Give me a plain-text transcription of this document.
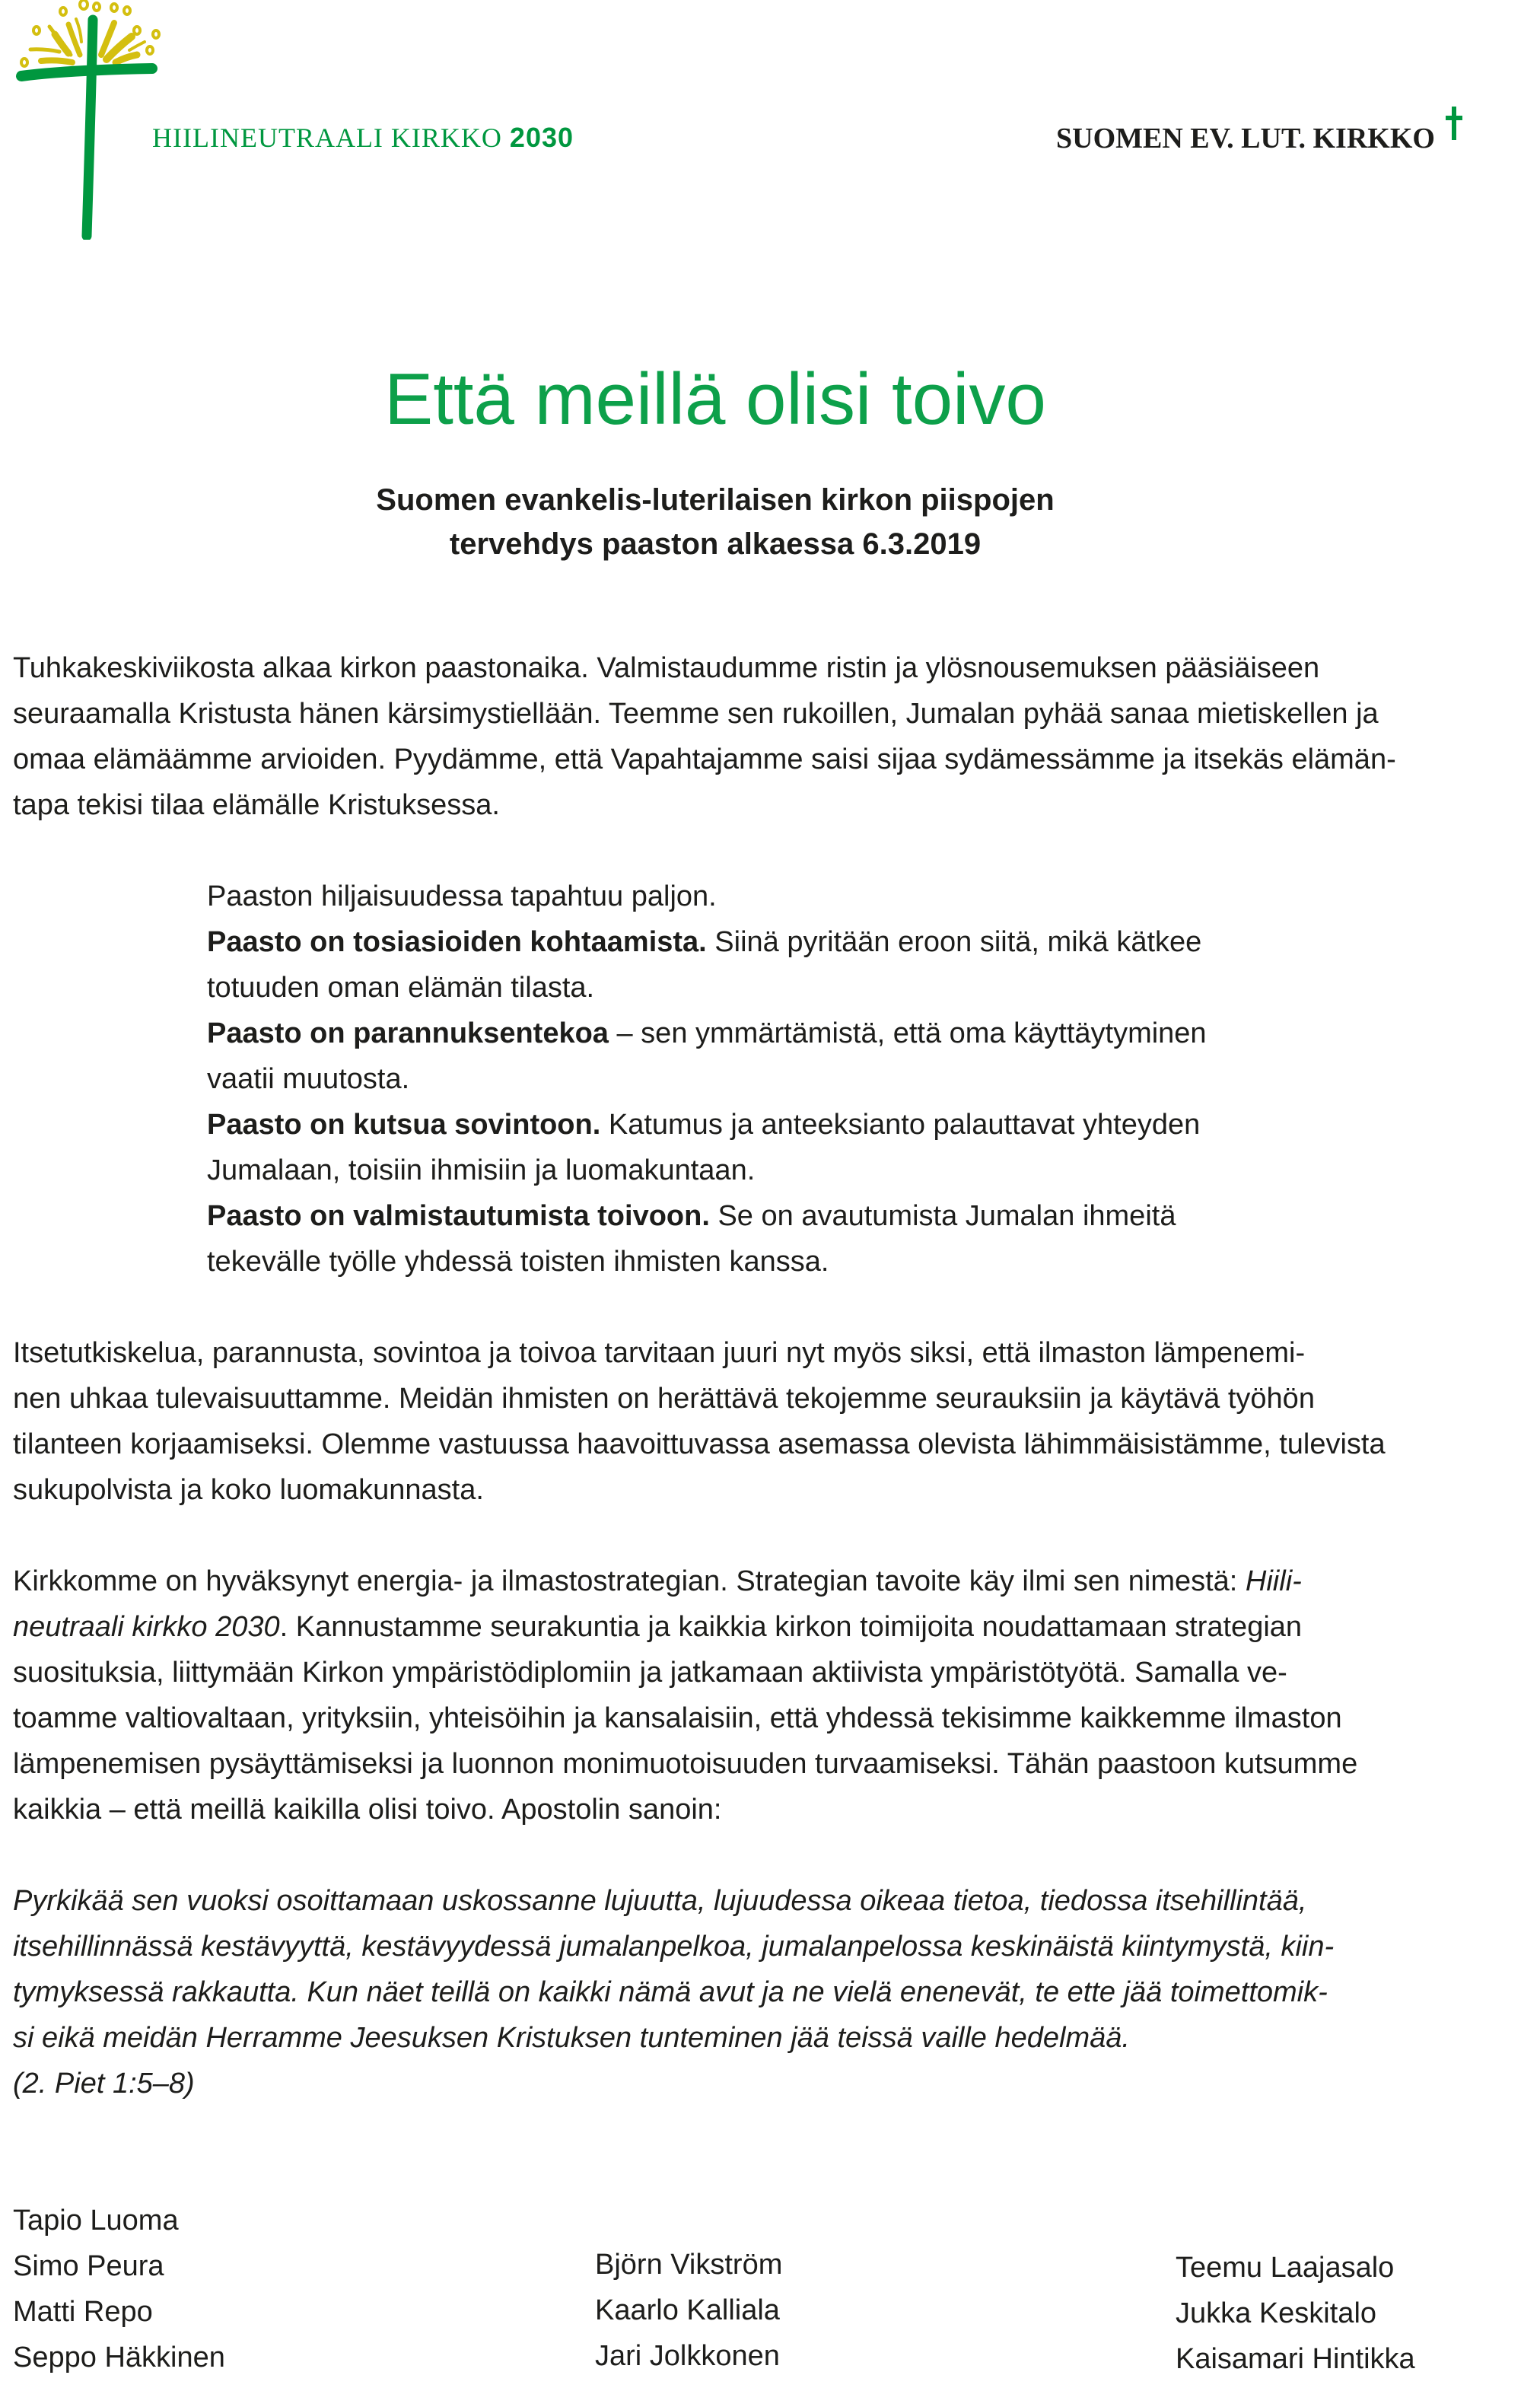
HIILINEUTRAALI KIRKKO 2030	SUOMEN EV. LUT. KIRKKO
Että meillä olisi toivo
Suomen evankelis-luterilaisen kirkon piispojen
tervehdys paaston alkaessa 6.3.2019
Tuhkakeskiviikosta alkaa kirkon paastonaika. Valmistaudumme ristin ja ylösnousemuksen pääsiäiseen
seuraamalla Kristusta hänen kärsimystiellään. Teemme sen rukoillen, Jumalan pyhää sanaa mietiskellen ja
omaa elämäämme arvioiden. Pyydämme, että Vapahtajamme saisi sijaa sydämessämme ja itsekäs elämän-
tapa tekisi tilaa elämälle Kristuksessa.
Paaston hiljaisuudessa tapahtuu paljon.
Paasto on tosiasioiden kohtaamista. Siinä pyritään eroon siitä, mikä kätkee
totuuden oman elämän tilasta.
Paasto on parannuksentekoa – sen ymmärtämistä, että oma käyttäytyminen
vaatii muutosta.
Paasto on kutsua sovintoon. Katumus ja anteeksianto palauttavat yhteyden
Jumalaan, toisiin ihmisiin ja luomakuntaan.
Paasto on valmistautumista toivoon. Se on avautumista Jumalan ihmeitä
tekevälle työlle yhdessä toisten ihmisten kanssa.
Itsetutkiskelua, parannusta, sovintoa ja toivoa tarvitaan juuri nyt myös siksi, että ilmaston lämpenemi-
nen uhkaa tulevaisuuttamme. Meidän ihmisten on herättävä tekojemme seurauksiin ja käytävä työhön
tilanteen korjaamiseksi. Olemme vastuussa haavoittuvassa asemassa olevista lähimmäisistämme, tulevista
sukupolvista ja koko luomakunnasta.
Kirkkomme on hyväksynyt energia- ja ilmastostrategian. Strategian tavoite käy ilmi sen nimestä: Hiili-
neutraali kirkko 2030. Kannustamme seurakuntia ja kaikkia kirkon toimijoita noudattamaan strategian
suosituksia, liittymään Kirkon ympäristödiplomiin ja jatkamaan aktiivista ympäristötyötä. Samalla ve-
toamme valtiovaltaan, yrityksiin, yhteisöihin ja kansalaisiin, että yhdessä tekisimme kaikkemme ilmaston
lämpenemisen pysäyttämiseksi ja luonnon monimuotoisuuden turvaamiseksi. Tähän paastoon kutsumme
kaikkia – että meillä kaikilla olisi toivo. Apostolin sanoin:
Pyrkikää sen vuoksi osoittamaan uskossanne lujuutta, lujuudessa oikeaa tietoa, tiedossa itsehillintää,
itsehillinnässä kestävyyttä, kestävyydessä jumalanpelkoa, jumalanpelossa keskinäistä kiintymystä, kiin-
tymyksessä rakkautta. Kun näet teillä on kaikki nämä avut ja ne vielä enenevät, te ette jää toimettomik-
si eikä meidän Herramme Jeesuksen Kristuksen tunteminen jää teissä vaille hedelmää.
(2. Piet 1:5–8)
Tapio Luoma
Simo Peura
Matti Repo
Seppo Häkkinen
Björn Vikström
Kaarlo Kalliala
Jari Jolkkonen
Teemu Laajasalo
Jukka Keskitalo
Kaisamari Hintikka
